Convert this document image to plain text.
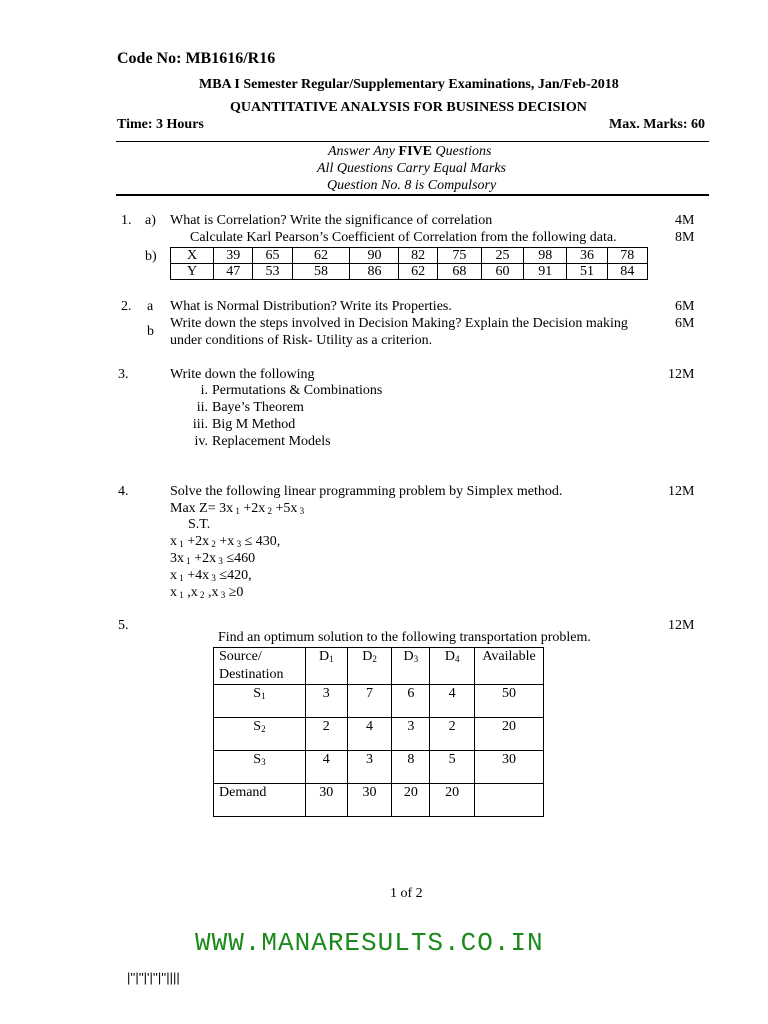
Code No: MB1616/R16
MBA I Semester Regular/Supplementary Examinations, Jan/Feb-2018
QUANTITATIVE ANALYSIS FOR BUSINESS DECISION
Time: 3 Hours	Max. Marks: 60
Answer Any FIVE Questions
All Questions Carry Equal Marks
Question No. 8 is Compulsory
1. a) What is Correlation? Write the significance of correlation	4M
Calculate Karl Pearson’s Coefficient of Correlation from the following data.	8M
b) X	39	65	62	90	82	75	25	98	36	78
Y	47	53	58	86	62	68	60	91	51	84
2. a What is Normal Distribution? Write its Properties.	6M
Write down the steps involved in Decision Making? Explain the Decision making	6M
b
under conditions of Risk- Utility as a criterion.
3.	Write down the following	12M
i. Permutations & Combinations
ii. Baye’s Theorem
iii. Big M Method
iv. Replacement Models
4.	Solve the following linear programming problem by Simplex method.	12M
Max Z= 3x $_1$ +2x $_2$ +5x $_3$
S.T.
x $_1$ +2x $_2$ +x $_3$ ≤ 430,
3x $_1$ +2x $_3$ ≤460
x $_1$ +4x $_3$ ≤420,
x $_1$ ,x $_2$ ,x $_3$ ≥0
5.	12M
Find an optimum solution to the following transportation problem.
Source/
Destination	$D_1$	$D_2$	$D_3$	$D_4$	Available
$S_1$	3	7	6	4	50
$S_2$	2	4	3	2	20
$S_3$	4	3	8	5	30
Demand	30	30	20	20	
1 of 2
WWW.MANARESULTS.CO.IN
|''|''|'|''|''||||
